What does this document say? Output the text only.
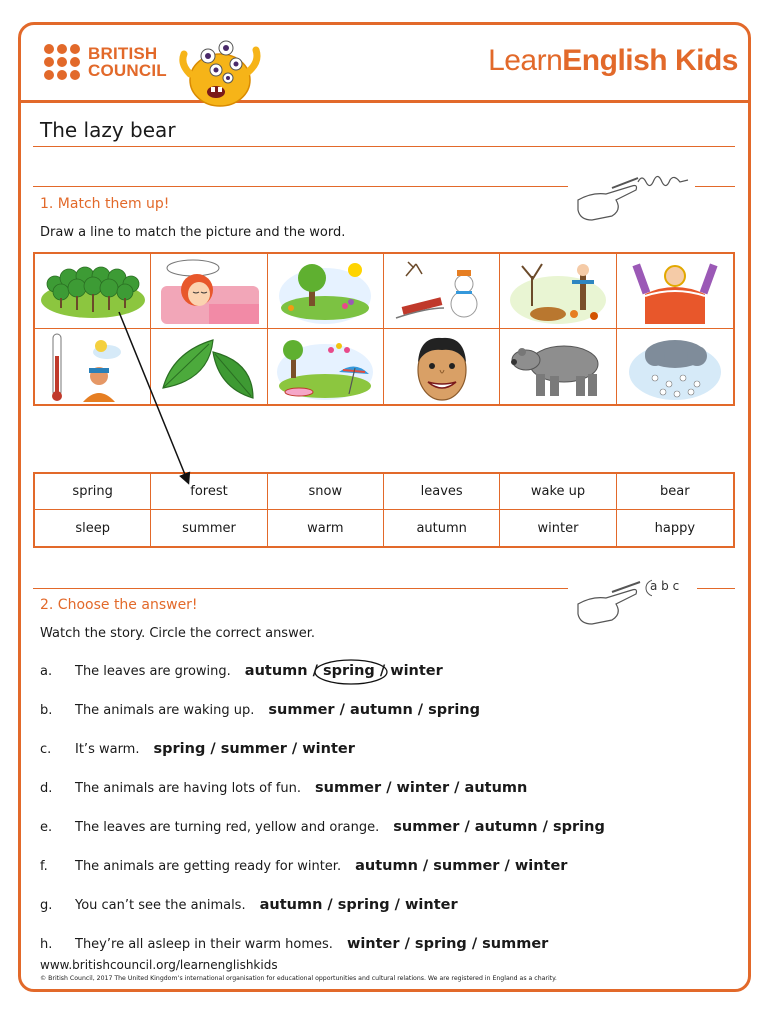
BRITISH
COUNCIL	LearnEnglish Kids
The lazy bear
1. Match them up!
Draw a line to match the picture and the word.
spring	forest	snow	leaves	wake up	bear
sleep	summer	warm	autumn	winter	happy
a b c
2. Choose the answer!
Watch the story. Circle the correct answer.
a.	The leaves are growing. autumn / spring / winter
b.	The animals are waking up. summer / autumn / spring
c.	It’s warm. spring / summer / winter
d.	The animals are having lots of fun. summer / winter / autumn
e.	The leaves are turning red, yellow and orange. summer / autumn / spring
f.	The animals are getting ready for winter. autumn / summer / winter
g.	You can’t see the animals. autumn / spring / winter
h.	They’re all asleep in their warm homes. winter / spring / summer
www.britishcouncil.org/learnenglishkids
© British Council, 2017 The United Kingdom’s international organisation for educational opportunities and cultural relations. We are registered in England as a charity.
